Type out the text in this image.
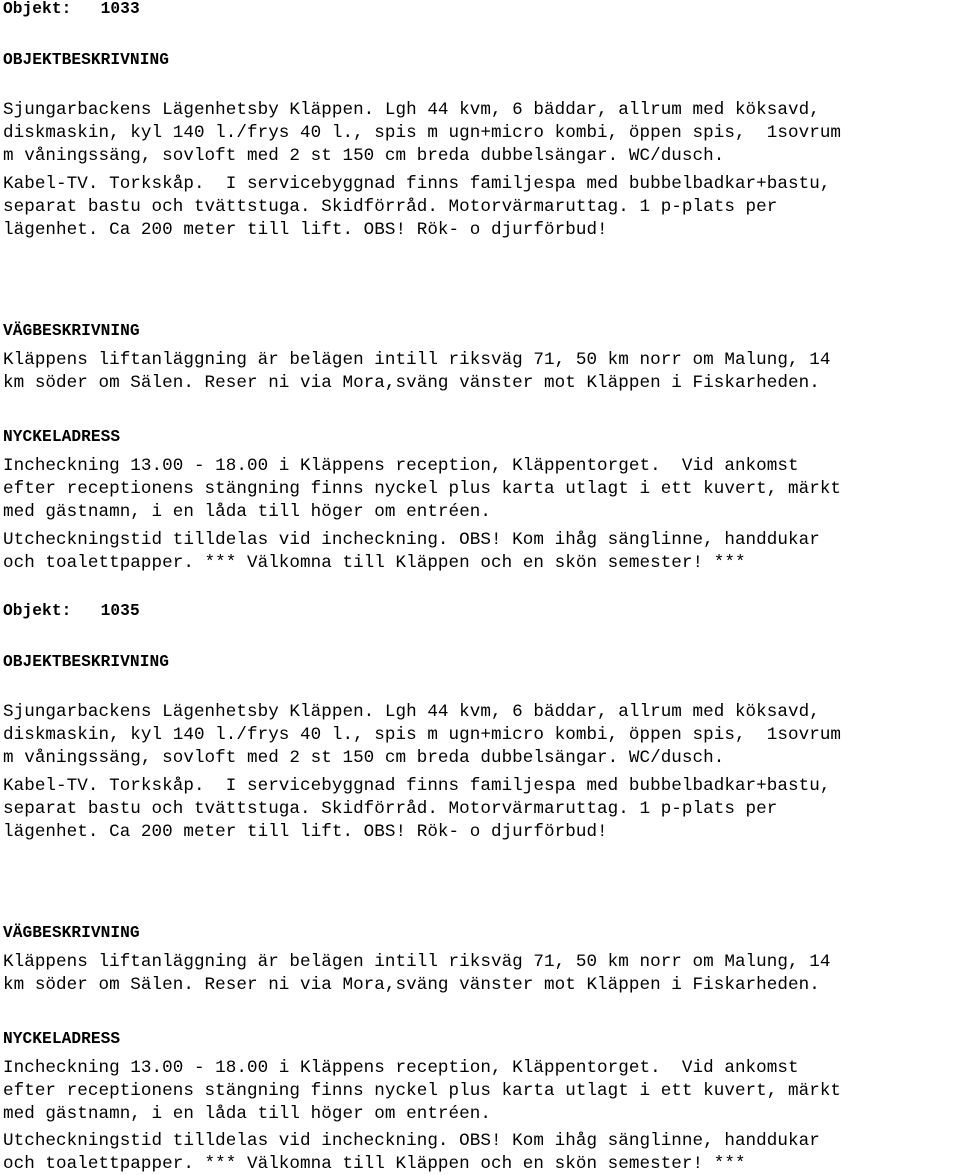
Objekt: 1033

OBJEKTBESKRIVNING

Sjungarbackens Lägenhetsby Kläppen. Lgh 44 kvm, 6 bäddar, allrum med köksavd,

diskmaskin, kyl 140 l./frys 40 l., spis m ugn+micro kombi, öppen spis,  1sovrum

m våningssäng, sovloft med 2 st 150 cm breda dubbelsängar. WC/dusch.

Kabel-TV. Torkskåp.  I servicebyggnad finns familjespa med bubbelbadkar+bastu,

separat bastu och tvättstuga. Skidförråd. Motorvärmaruttag. 1 p-plats per

lägenhet. Ca 200 meter till lift. OBS! Rök- o djurförbud!

VÄGBESKRIVNING

Kläppens liftanläggning är belägen intill riksväg 71, 50 km norr om Malung, 14

km söder om Sälen. Reser ni via Mora,sväng vänster mot Kläppen i Fiskarheden.

NYCKELADRESS

Incheckning 13.00 - 18.00 i Kläppens reception, Kläppentorget.  Vid ankomst

efter receptionens stängning finns nyckel plus karta utlagt i ett kuvert, märkt

med gästnamn, i en låda till höger om entréen.

Utcheckningstid tilldelas vid incheckning. OBS! Kom ihåg sänglinne, handdukar

och toalettpapper. *** Välkomna till Kläppen och en skön semester! ***

Objekt: 1035

OBJEKTBESKRIVNING

Sjungarbackens Lägenhetsby Kläppen. Lgh 44 kvm, 6 bäddar, allrum med köksavd,

diskmaskin, kyl 140 l./frys 40 l., spis m ugn+micro kombi, öppen spis,  1sovrum

m våningssäng, sovloft med 2 st 150 cm breda dubbelsängar. WC/dusch.

Kabel-TV. Torkskåp.  I servicebyggnad finns familjespa med bubbelbadkar+bastu,

separat bastu och tvättstuga. Skidförråd. Motorvärmaruttag. 1 p-plats per

lägenhet. Ca 200 meter till lift. OBS! Rök- o djurförbud!

VÄGBESKRIVNING

Kläppens liftanläggning är belägen intill riksväg 71, 50 km norr om Malung, 14

km söder om Sälen. Reser ni via Mora,sväng vänster mot Kläppen i Fiskarheden.

NYCKELADRESS

Incheckning 13.00 - 18.00 i Kläppens reception, Kläppentorget.  Vid ankomst

efter receptionens stängning finns nyckel plus karta utlagt i ett kuvert, märkt

med gästnamn, i en låda till höger om entréen.

Utcheckningstid tilldelas vid incheckning. OBS! Kom ihåg sänglinne, handdukar

och toalettpapper. *** Välkomna till Kläppen och en skön semester! ***
